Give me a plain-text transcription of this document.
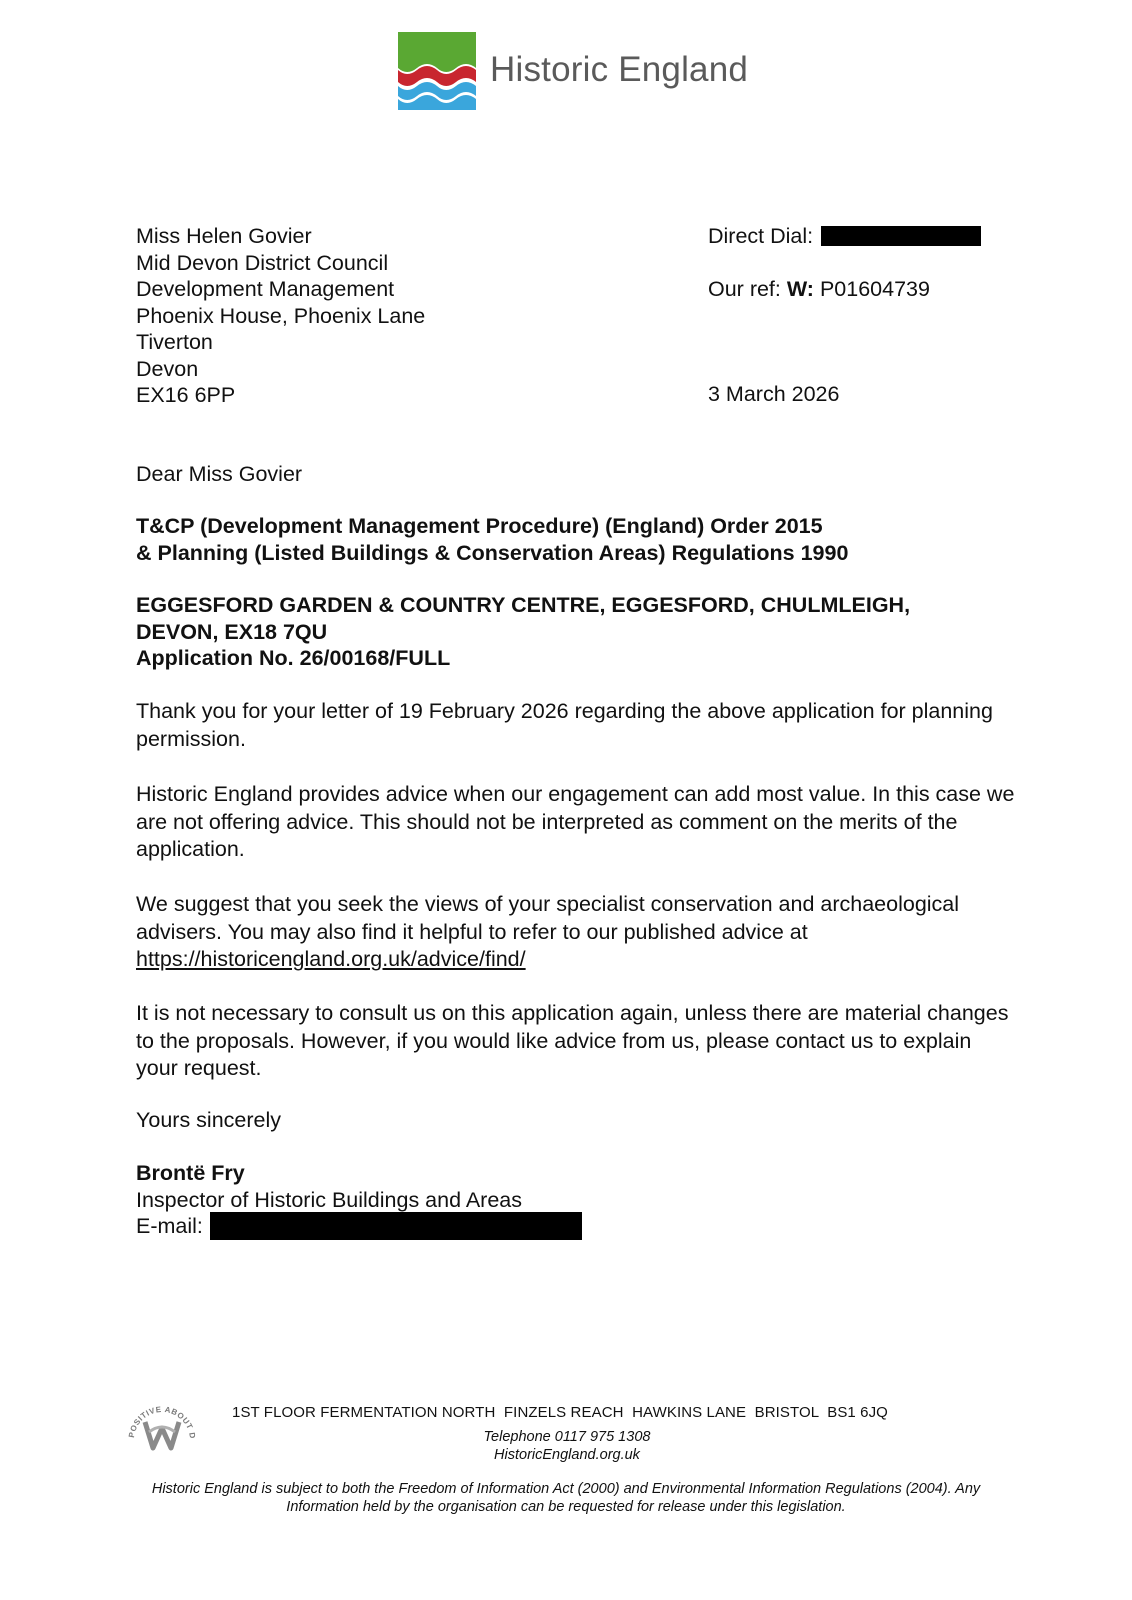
Historic England
Miss Helen Govier
Mid Devon District Council
Development Management
Phoenix House, Phoenix Lane
Tiverton
Devon
EX16 6PP
Direct Dial:
Our ref: W: P01604739
3 March 2026
Dear Miss Govier
T&CP (Development Management Procedure) (England) Order 2015
& Planning (Listed Buildings & Conservation Areas) Regulations 1990
EGGESFORD GARDEN & COUNTRY CENTRE, EGGESFORD, CHULMLEIGH,
DEVON, EX18 7QU
Application No. 26/00168/FULL
Thank you for your letter of 19 February 2026 regarding the above application for planning permission.
Historic England provides advice when our engagement can add most value. In this case we are not offering advice. This should not be interpreted as comment on the merits of the application.
We suggest that you seek the views of your specialist conservation and archaeological advisers. You may also find it helpful to refer to our published advice at
https://historicengland.org.uk/advice/find/
It is not necessary to consult us on this application again, unless there are material changes to the proposals. However, if you would like advice from us, please contact us to explain your request.
Yours sincerely
Brontë Fry
Inspector of Historic Buildings and Areas
E-mail:
POSITIVE ABOUT D
1ST FLOOR FERMENTATION NORTH  FINZELS REACH  HAWKINS LANE  BRISTOL  BS1 6JQ
Telephone 0117 975 1308
HistoricEngland.org.uk
Historic England is subject to both the Freedom of Information Act (2000) and Environmental Information Regulations (2004). Any
Information held by the organisation can be requested for release under this legislation.
